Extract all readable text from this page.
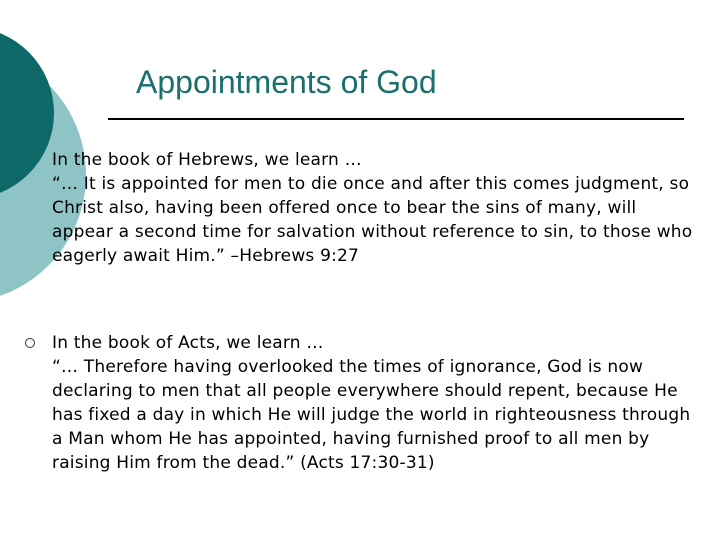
Appointments of God

In the book of Hebrews, we learn …

“… It is appointed for men to die once and after this comes judgment, so Christ also, having been offered once to bear the sins of many, will appear a second time for salvation without reference to sin, to those who eagerly await Him.” –Hebrews 9:27

In the book of Acts, we learn …

“… Therefore having overlooked the times of ignorance, God is now declaring to men that all people everywhere should repent, because He has fixed a day in which He will judge the world in righteousness through a Man whom He has appointed, having furnished proof to all men by raising Him from the dead.” (Acts 17:30-31)
